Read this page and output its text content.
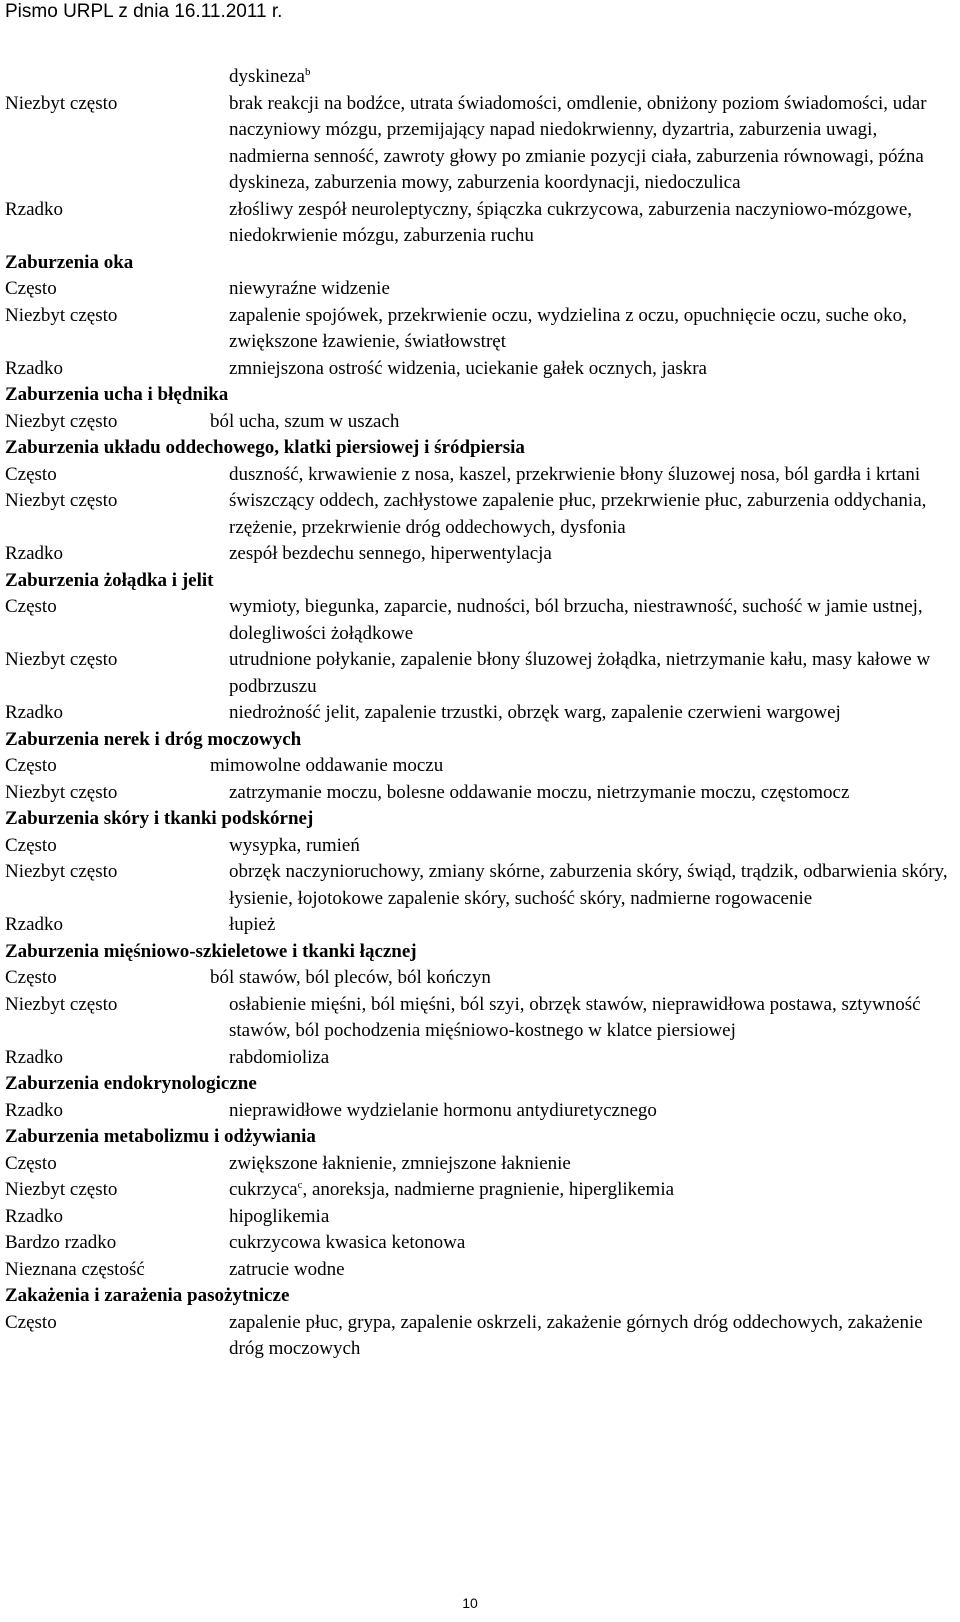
Pismo URPL z dnia 16.11.2011 r.
dyskineza$^b$
Niezbyt często	brak reakcji na bodźce, utrata świadomości, omdlenie, obniżony poziom świadomości, udar naczyniowy mózgu, przemijający napad niedokrwienny, dyzartria, zaburzenia uwagi, nadmierna senność, zawroty głowy po zmianie pozycji ciała, zaburzenia równowagi, późna dyskineza, zaburzenia mowy, zaburzenia koordynacji, niedoczulica
Rzadko	złośliwy zespół neuroleptyczny, śpiączka cukrzycowa, zaburzenia naczyniowo-mózgowe, niedokrwienie mózgu, zaburzenia ruchu
Zaburzenia oka
Często	niewyraźne widzenie
Niezbyt często	zapalenie spojówek, przekrwienie oczu, wydzielina z oczu, opuchnięcie oczu, suche oko, zwiększone łzawienie, światłowstręt
Rzadko	zmniejszona ostrość widzenia, uciekanie gałek ocznych, jaskra
Zaburzenia ucha i błędnika
Niezbyt często	ból ucha, szum w uszach
Zaburzenia układu oddechowego, klatki piersiowej i śródpiersia
Często	duszność, krwawienie z nosa, kaszel, przekrwienie błony śluzowej nosa, ból gardła i krtani
Niezbyt często	świszczący oddech, zachłystowe zapalenie płuc, przekrwienie płuc, zaburzenia oddychania, rzężenie, przekrwienie dróg oddechowych, dysfonia
Rzadko	zespół bezdechu sennego, hiperwentylacja
Zaburzenia żołądka i jelit
Często	wymioty, biegunka, zaparcie, nudności, ból brzucha, niestrawność, suchość w jamie ustnej, dolegliwości żołądkowe
Niezbyt często	utrudnione połykanie, zapalenie błony śluzowej żołądka, nietrzymanie kału, masy kałowe w podbrzuszu
Rzadko	niedrożność jelit, zapalenie trzustki, obrzęk warg, zapalenie czerwieni wargowej
Zaburzenia nerek i dróg moczowych
Często	mimowolne oddawanie moczu
Niezbyt często	zatrzymanie moczu, bolesne oddawanie moczu, nietrzymanie moczu, częstomocz
Zaburzenia skóry i tkanki podskórnej
Często	wysypka, rumień
Niezbyt często	obrzęk naczynioruchowy, zmiany skórne, zaburzenia skóry, świąd, trądzik, odbarwienia skóry, łysienie, łojotokowe zapalenie skóry, suchość skóry, nadmierne rogowacenie
Rzadko	łupież
Zaburzenia mięśniowo-szkieletowe i tkanki łącznej
Często	ból stawów, ból pleców, ból kończyn
Niezbyt często	osłabienie mięśni, ból mięśni, ból szyi, obrzęk stawów, nieprawidłowa postawa, sztywność stawów, ból pochodzenia mięśniowo-kostnego w klatce piersiowej
Rzadko	rabdomioliza
Zaburzenia endokrynologiczne
Rzadko	nieprawidłowe wydzielanie hormonu antydiuretycznego
Zaburzenia metabolizmu i odżywiania
Często	zwiększone łaknienie, zmniejszone łaknienie
Niezbyt często	cukrzyca$^c$, anoreksja, nadmierne pragnienie, hiperglikemia
Rzadko	hipoglikemia
Bardzo rzadko	cukrzycowa kwasica ketonowa
Nieznana częstość	zatrucie wodne
Zakażenia i zarażenia pasożytnicze
Często	zapalenie płuc, grypa, zapalenie oskrzeli, zakażenie górnych dróg oddechowych, zakażenie dróg moczowych
10
